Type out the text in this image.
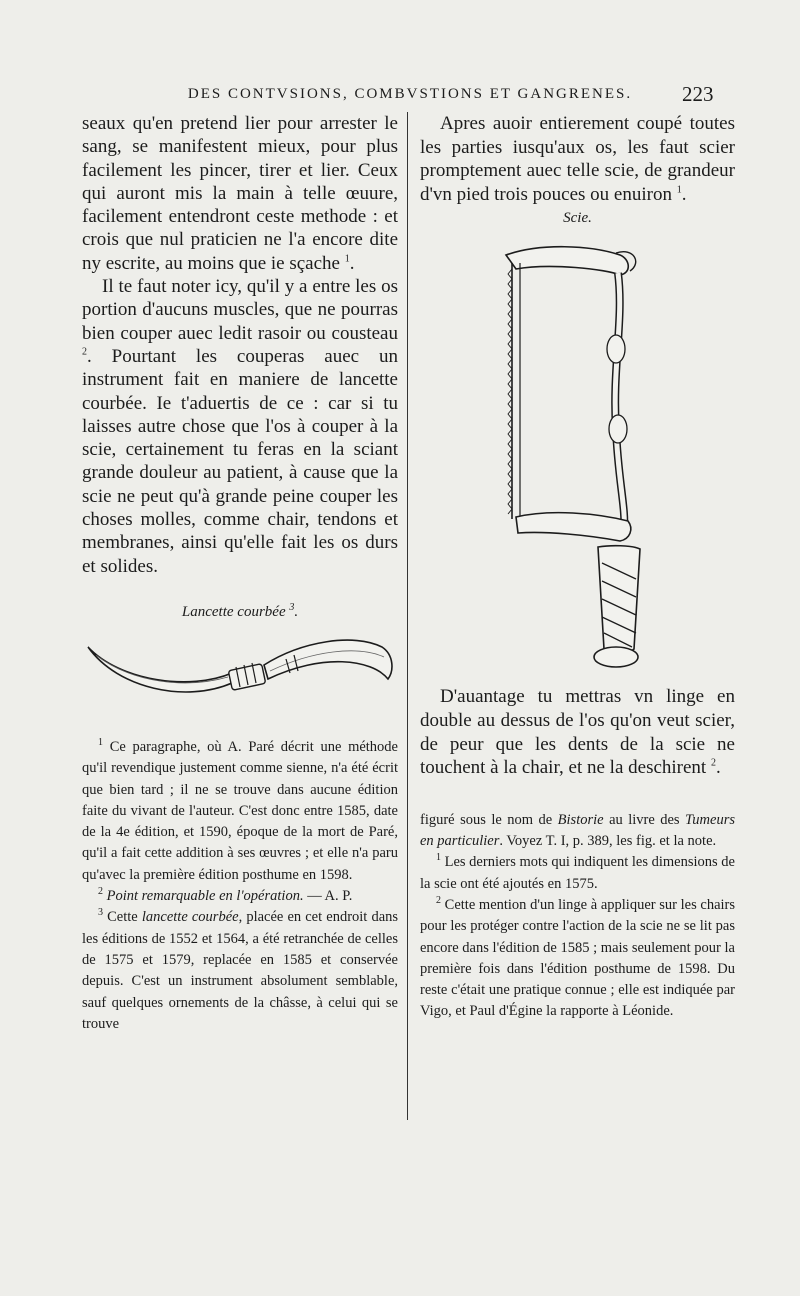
DES CONTVSIONS, COMBVSTIONS ET GANGRENES.	223

seaux qu'en pretend lier pour arrester le sang, se manifestent mieux, pour plus facilement les pincer, tirer et lier. Ceux qui auront mis la main à telle œuure, facilement entendront ceste methode : et crois que nul praticien ne l'a encore dite ny escrite, au moins que ie sçache $^1$.

Il te faut noter icy, qu'il y a entre les os portion d'aucuns muscles, que ne pourras bien couper auec ledit rasoir ou cousteau $^2$. Pourtant les couperas auec un instrument fait en maniere de lancette courbée. Ie t'aduertis de ce : car si tu laisses autre chose que l'os à couper à la scie, certainement tu feras en la sciant grande douleur au patient, à cause que la scie ne peut qu'à grande peine couper les choses molles, comme chair, tendons et membranes, ainsi qu'elle fait les os durs et solides.

Lancette courbée $^3$.

$^1$ Ce paragraphe, où A. Paré décrit une méthode qu'il revendique justement comme sienne, n'a été écrit que bien tard ; il ne se trouve dans aucune édition faite du vivant de l'auteur. C'est donc entre 1585, date de la 4e édition, et 1590, époque de la mort de Paré, qu'il a fait cette addition à ses œuvres ; et elle n'a paru qu'avec la première édition posthume en 1598.

$^2$ Point remarquable en l'opération. — A. P.

$^3$ Cette lancette courbée, placée en cet endroit dans les éditions de 1552 et 1564, a été retranchée de celles de 1575 et 1579, replacée en 1585 et conservée depuis. C'est un instrument absolument semblable, sauf quelques ornements de la châsse, à celui qui se trouve

Apres auoir entierement coupé toutes les parties iusqu'aux os, les faut scier promptement auec telle scie, de grandeur d'vn pied trois pouces ou enuiron $^1$.

Scie.

D'auantage tu mettras vn linge en double au dessus de l'os qu'on veut scier, de peur que les dents de la scie ne touchent à la chair, et ne la deschirent $^2$.

figuré sous le nom de Bistorie au livre des Tumeurs en particulier. Voyez T. I, p. 389, les fig. et la note.

$^1$ Les derniers mots qui indiquent les dimensions de la scie ont été ajoutés en 1575.

$^2$ Cette mention d'un linge à appliquer sur les chairs pour les protéger contre l'action de la scie ne se lit pas encore dans l'édition de 1585 ; mais seulement pour la première fois dans l'édition posthume de 1598. Du reste c'était une pratique connue ; elle est indiquée par Vigo, et Paul d'Égine la rapporte à Léonide.
